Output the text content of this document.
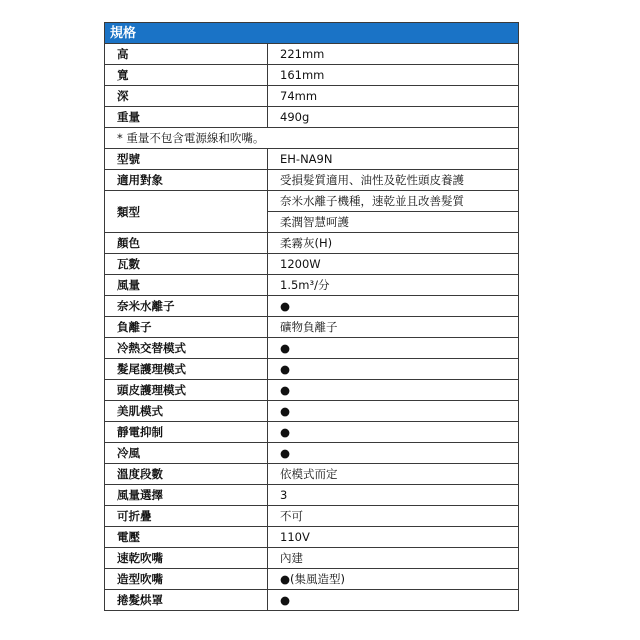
規格
高	221mm
寬	161mm
深	74mm
重量	490g
* 重量不包含電源線和吹嘴。	
型號	EH-NA9N
適用對象	受損髮質適用、油性及乾性頭皮養護
類型	奈米水離子機種，速乾並且改善髮質
	柔潤智慧呵護
顏色	柔霧灰(H)
瓦數	1200W
風量	1.5m³/分
奈米水離子	●
負離子	礦物負離子
冷熱交替模式	●
髮尾護理模式	●
頭皮護理模式	●
美肌模式	●
靜電抑制	●
冷風	●
溫度段數	依模式而定
風量選擇	3
可折疊	不可
電壓	110V
速乾吹嘴	內建
造型吹嘴	●(集風造型)
捲髮烘罩	●
